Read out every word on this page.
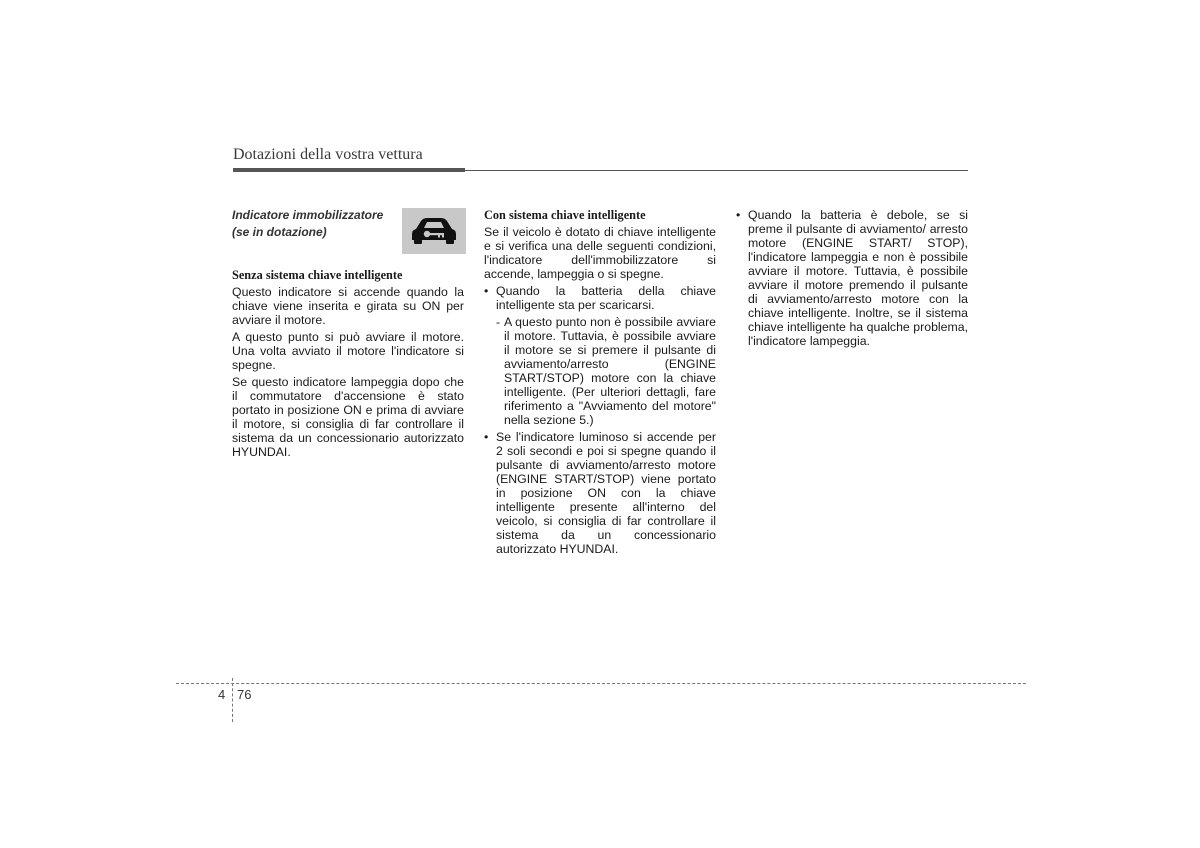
Dotazioni della vostra vettura

Indicatore immobilizzatore

(se in dotazione)

Senza sistema chiave intelligente

Questo indicatore si accende quando la chiave viene inserita e girata su ON per avviare il motore.

A questo punto si può avviare il motore. Una volta avviato il motore l'indicatore si spegne.

Se questo indicatore lampeggia dopo che il commutatore d'accensione è stato portato in posizione ON e prima di avviare il motore, si consiglia di far controllare il sistema da un concessionario autorizzato HYUNDAI.

Con sistema chiave intelligente

Se il veicolo è dotato di chiave intelligente e si verifica una delle seguenti condizioni, l'indicatore dell'immobilizzatore si accende, lampeggia o si spegne.

• Quando la batteria della chiave intelligente sta per scaricarsi.

- A questo punto non è possibile avviare il motore. Tuttavia, è possibile avviare il motore se si premere il pulsante di avviamento/arresto (ENGINE START/STOP) motore con la chiave intelligente. (Per ulteriori dettagli, fare riferimento a "Avviamento del motore" nella sezione 5.)

• Se l'indicatore luminoso si accende per 2 soli secondi e poi si spegne quando il pulsante di avviamento/arresto motore (ENGINE START/STOP) viene portato in posizione ON con la chiave intelligente presente all'interno del veicolo, si consiglia di far controllare il sistema da un concessionario autorizzato HYUNDAI.

• Quando la batteria è debole, se si preme il pulsante di avviamento/ arresto motore (ENGINE START/ STOP), l'indicatore lampeggia e non è possibile avviare il motore. Tuttavia, è possibile avviare il motore premendo il pulsante di avviamento/arresto motore con la chiave intelligente. Inoltre, se il sistema chiave intelligente ha qualche problema, l'indicatore lampeggia.

4 76
